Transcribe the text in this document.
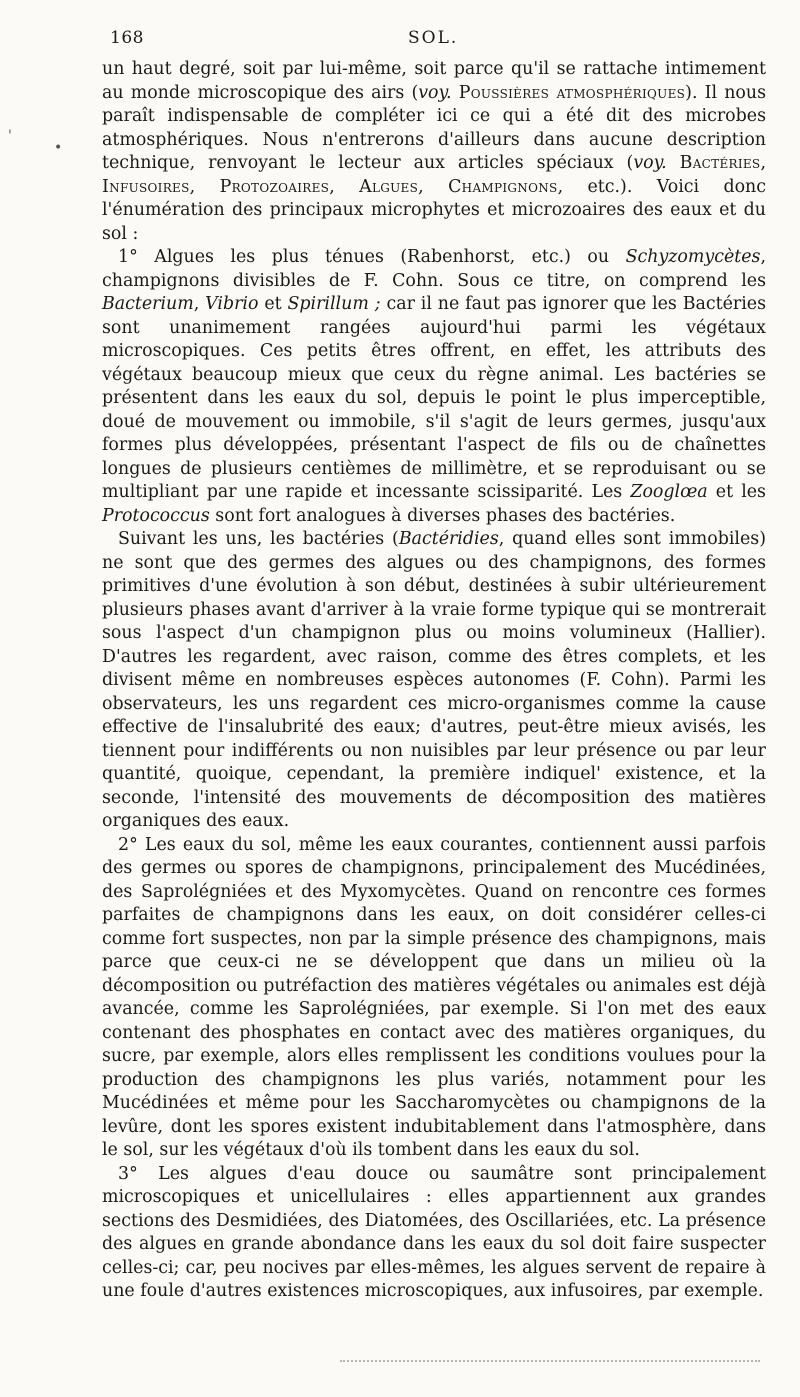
168	SOL.

un haut degré, soit par lui-même, soit parce qu'il se rattache intimement au monde microscopique des airs (voy. Poussières atmosphériques). Il nous paraît indispensable de compléter ici ce qui a été dit des microbes atmosphériques. Nous n'entrerons d'ailleurs dans aucune description technique, renvoyant le lecteur aux articles spéciaux (voy. Bactéries, Infusoires, Protozoaires, Algues, Champignons, etc.). Voici donc l'énumération des principaux microphytes et microzoaires des eaux et du sol :

1° Algues les plus ténues (Rabenhorst, etc.) ou Schyzomycètes, champignons divisibles de F. Cohn. Sous ce titre, on comprend les Bacterium, Vibrio et Spirillum ; car il ne faut pas ignorer que les Bactéries sont unanimement rangées aujourd'hui parmi les végétaux microscopiques. Ces petits êtres offrent, en effet, les attributs des végétaux beaucoup mieux que ceux du règne animal. Les bactéries se présentent dans les eaux du sol, depuis le point le plus imperceptible, doué de mouvement ou immobile, s'il s'agit de leurs germes, jusqu'aux formes plus développées, présentant l'aspect de fils ou de chaînettes longues de plusieurs centièmes de millimètre, et se reproduisant ou se multipliant par une rapide et incessante scissiparité. Les Zooglœa et les Protococcus sont fort analogues à diverses phases des bactéries.

Suivant les uns, les bactéries (Bactéridies, quand elles sont immobiles) ne sont que des germes des algues ou des champignons, des formes primitives d'une évolution à son début, destinées à subir ultérieurement plusieurs phases avant d'arriver à la vraie forme typique qui se montrerait sous l'aspect d'un champignon plus ou moins volumineux (Hallier). D'autres les regardent, avec raison, comme des êtres complets, et les divisent même en nombreuses espèces autonomes (F. Cohn). Parmi les observateurs, les uns regardent ces micro-organismes comme la cause effective de l'insalubrité des eaux; d'autres, peut-être mieux avisés, les tiennent pour indifférents ou non nuisibles par leur présence ou par leur quantité, quoique, cependant, la première indiquel' existence, et la seconde, l'intensité des mouvements de décomposition des matières organiques des eaux.

2° Les eaux du sol, même les eaux courantes, contiennent aussi parfois des germes ou spores de champignons, principalement des Mucédinées, des Saprolégniées et des Myxomycètes. Quand on rencontre ces formes parfaites de champignons dans les eaux, on doit considérer celles-ci comme fort suspectes, non par la simple présence des champignons, mais parce que ceux-ci ne se développent que dans un milieu où la décomposition ou putréfaction des matières végétales ou animales est déjà avancée, comme les Saprolégniées, par exemple. Si l'on met des eaux contenant des phosphates en contact avec des matières organiques, du sucre, par exemple, alors elles remplissent les conditions voulues pour la production des champignons les plus variés, notamment pour les Mucédinées et même pour les Saccharomycètes ou champignons de la levûre, dont les spores existent indubitablement dans l'atmosphère, dans le sol, sur les végétaux d'où ils tombent dans les eaux du sol.

3° Les algues d'eau douce ou saumâtre sont principalement microscopiques et unicellulaires : elles appartiennent aux grandes sections des Desmidiées, des Diatomées, des Oscillariées, etc. La présence des algues en grande abondance dans les eaux du sol doit faire suspecter celles-ci; car, peu nocives par elles-mêmes, les algues servent de repaire à une foule d'autres existences microscopiques, aux infusoires, par exemple.

'
•
